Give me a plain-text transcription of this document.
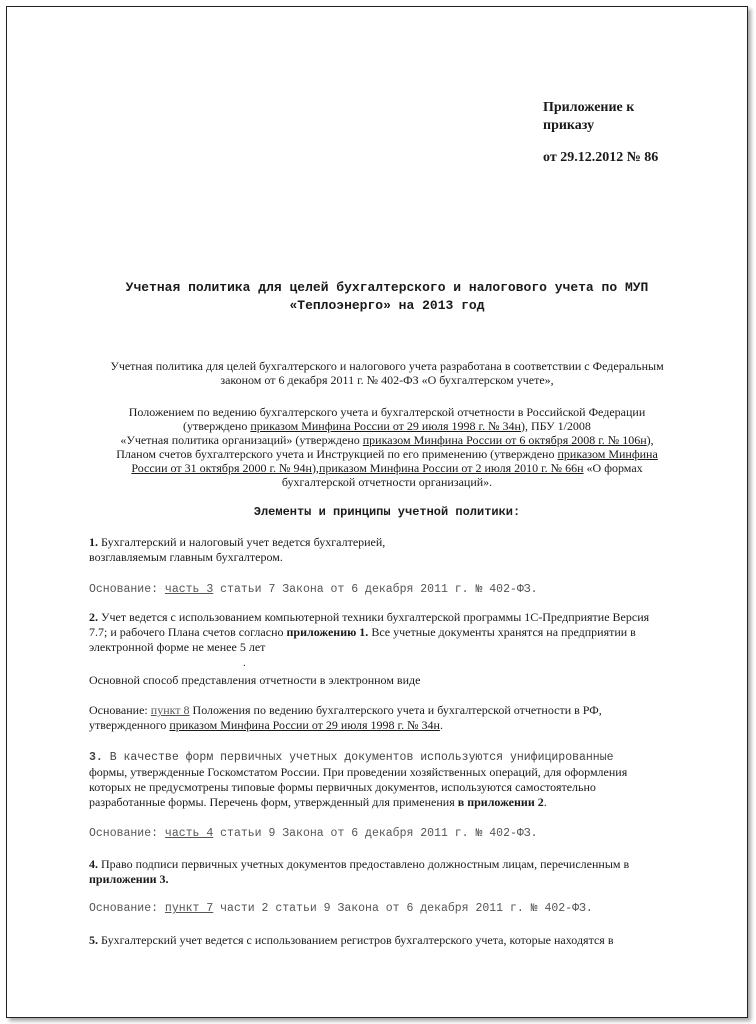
Приложение к
приказу
от 29.12.2012 № 86
Учетная политика для целей бухгалтерского и налогового учета по МУП
«Теплоэнерго» на 2013 год
Учетная политика для целей бухгалтерского и налогового учета разработана в соответствии с Федеральным
законом от 6 декабря 2011 г. № 402-ФЗ «О бухгалтерском учете»,
Положением по ведению бухгалтерского учета и бухгалтерской отчетности в Российской Федерации
(утверждено приказом Минфина России от 29 июля 1998 г. № 34н), ПБУ 1/2008
«Учетная политика организаций» (утверждено приказом Минфина России от 6 октября 2008 г. № 106н),
Планом счетов бухгалтерского учета и Инструкцией по его применению (утверждено приказом Минфина
России от 31 октября 2000 г. № 94н),приказом Минфина России от 2 июля 2010 г. № 66н «О формах
бухгалтерской отчетности организаций».
Элементы и принципы учетной политики:
1. Бухгалтерский и налоговый учет ведется бухгалтерией,
возглавляемым главным бухгалтером.
Основание: часть 3 статьи 7 Закона от 6 декабря 2011 г. № 402-ФЗ.
2. Учет ведется с использованием компьютерной техники бухгалтерской программы 1С-Предприятие Версия
7.7; и рабочего Плана счетов согласно приложению 1. Все учетные документы хранятся на предприятии в
электронной форме не менее 5 лет
.
Основной способ представления отчетности в электронном виде
Основание: пункт 8 Положения по ведению бухгалтерского учета и бухгалтерской отчетности в РФ,
утвержденного приказом Минфина России от 29 июля 1998 г. № 34н.
3. В качестве форм первичных учетных документов используются унифицированные
формы, утвержденные Госкомстатом России. При проведении хозяйственных операций, для оформления
которых не предусмотрены типовые формы первичных документов, используются самостоятельно
разработанные формы. Перечень форм, утвержденный для применения в приложении 2.
Основание: часть 4 статьи 9 Закона от 6 декабря 2011 г. № 402-ФЗ.
4. Право подписи первичных учетных документов предоставлено должностным лицам, перечисленным в
приложении 3.
Основание: пункт 7 части 2 статьи 9 Закона от 6 декабря 2011 г. № 402-ФЗ.
5. Бухгалтерский учет ведется с использованием регистров бухгалтерского учета, которые находятся в
